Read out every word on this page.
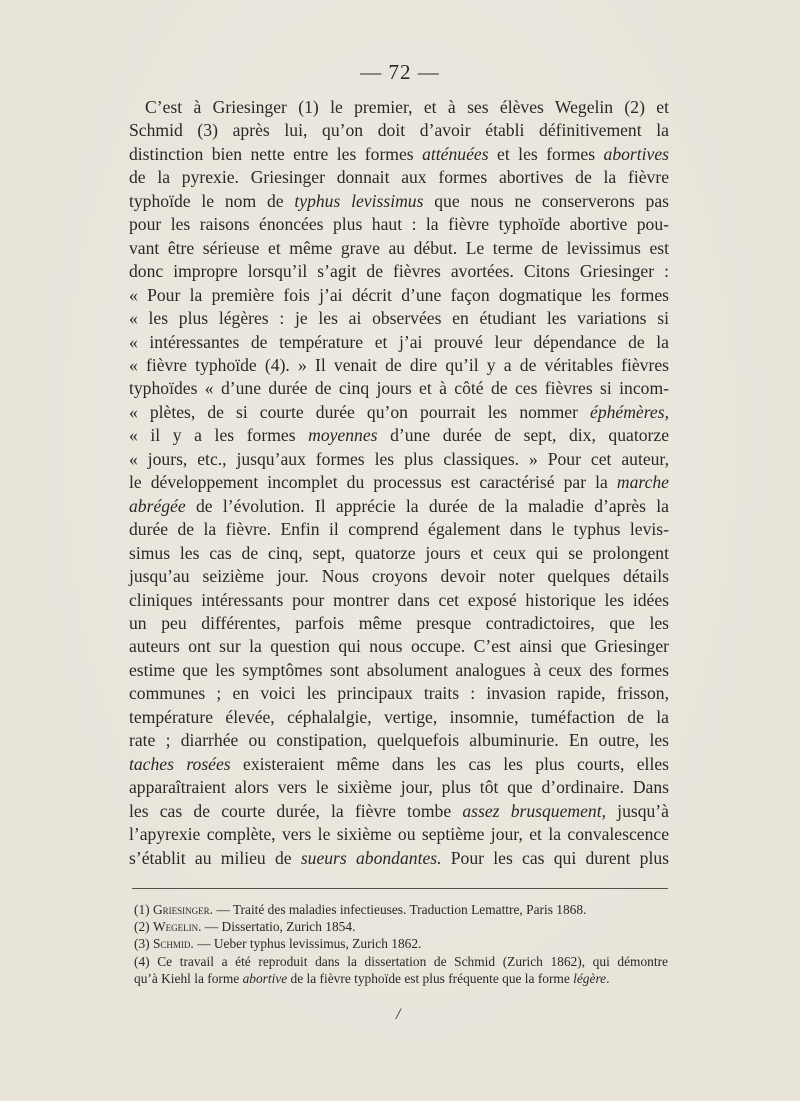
— 72 —
C’est à Griesinger (1) le premier, et à ses élèves Wegelin (2) et
Schmid (3) après lui, qu’on doit d’avoir établi définitivement la
distinction bien nette entre les formes atténuées et les formes abortives
de la pyrexie. Griesinger donnait aux formes abortives de la fièvre
typhoïde le nom de typhus levissimus que nous ne conserverons pas
pour les raisons énoncées plus haut : la fièvre typhoïde abortive pou-
vant être sérieuse et même grave au début. Le terme de levissimus est
donc impropre lorsqu’il s’agit de fièvres avortées. Citons Griesinger :
« Pour la première fois j’ai décrit d’une façon dogmatique les formes
« les plus légères : je les ai observées en étudiant les variations si
« intéressantes de température et j’ai prouvé leur dépendance de la
« fièvre typhoïde (4). » Il venait de dire qu’il y a de véritables fièvres
typhoïdes « d’une durée de cinq jours et à côté de ces fièvres si incom-
« plètes, de si courte durée qu’on pourrait les nommer éphémères,
« il y a les formes moyennes d’une durée de sept, dix, quatorze
« jours, etc., jusqu’aux formes les plus classiques. » Pour cet auteur,
le développement incomplet du processus est caractérisé par la marche
abrégée de l’évolution. Il apprécie la durée de la maladie d’après la
durée de la fièvre. Enfin il comprend également dans le typhus levis-
simus les cas de cinq, sept, quatorze jours et ceux qui se prolongent
jusqu’au seizième jour. Nous croyons devoir noter quelques détails
cliniques intéressants pour montrer dans cet exposé historique les idées
un peu différentes, parfois même presque contradictoires, que les
auteurs ont sur la question qui nous occupe. C’est ainsi que Griesinger
estime que les symptômes sont absolument analogues à ceux des formes
communes ; en voici les principaux traits : invasion rapide, frisson,
température élevée, céphalalgie, vertige, insomnie, tuméfaction de la
rate ; diarrhée ou constipation, quelquefois albuminurie. En outre, les
taches rosées existeraient même dans les cas les plus courts, elles
apparaîtraient alors vers le sixième jour, plus tôt que d’ordinaire. Dans
les cas de courte durée, la fièvre tombe assez brusquement, jusqu’à
l’apyrexie complète, vers le sixième ou septième jour, et la convalescence
s’établit au milieu de sueurs abondantes. Pour les cas qui durent plus
(1) Griesinger. — Traité des maladies infectieuses. Traduction Lemattre, Paris 1868.
(2) Wegelin. — Dissertatio, Zurich 1854.
(3) Schmid. — Ueber typhus levissimus, Zurich 1862.
(4) Ce travail a été reproduit dans la dissertation de Schmid (Zurich 1862), qui démontre
qu’à Kiehl la forme abortive de la fièvre typhoïde est plus fréquente que la forme légère.
/
